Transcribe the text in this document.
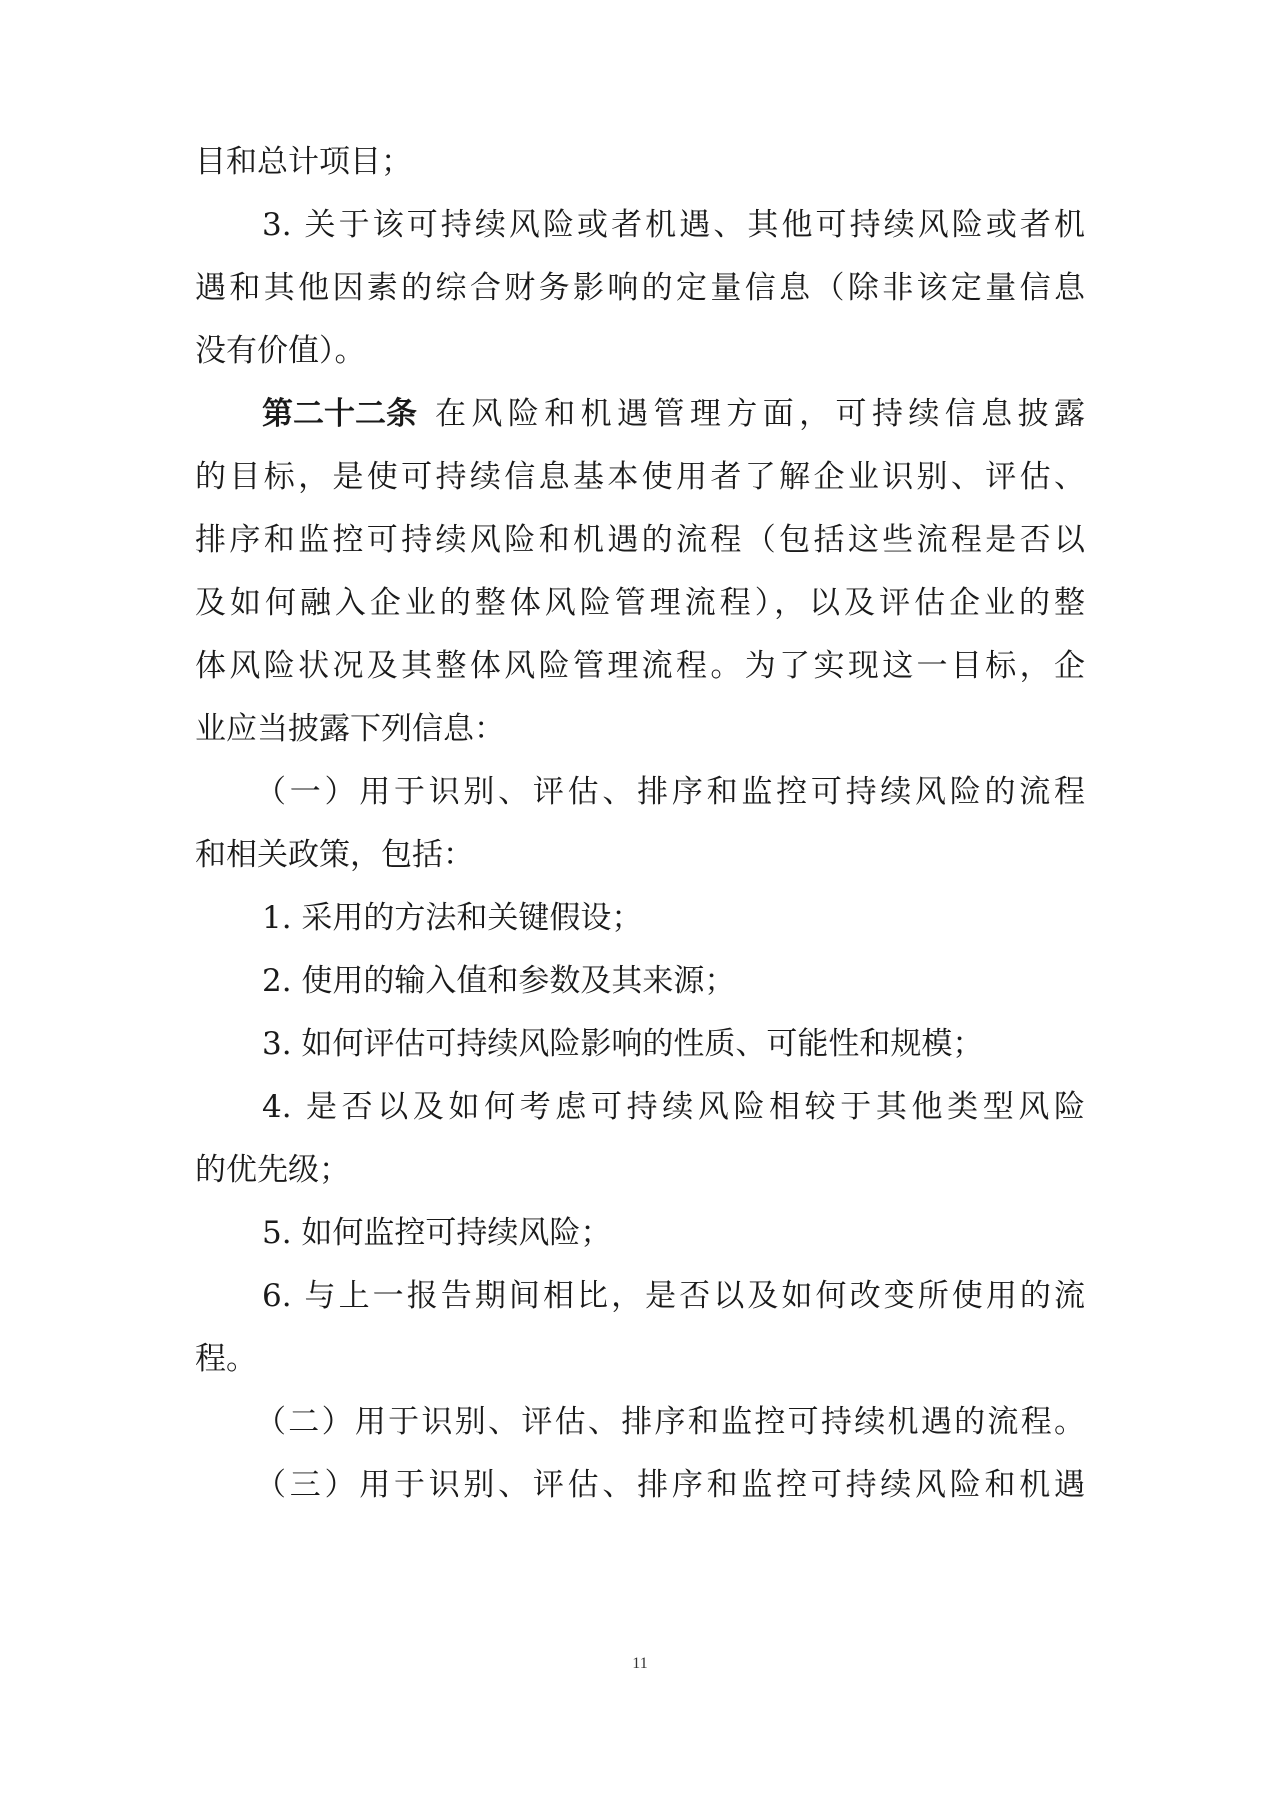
目和总计项目；
3. 关于该可持续风险或者机遇、其他可持续风险或者机
遇和其他因素的综合财务影响的定量信息（除非该定量信息
没有价值）。
第二十二条 在风险和机遇管理方面，可持续信息披露
的目标，是使可持续信息基本使用者了解企业识别、评估、
排序和监控可持续风险和机遇的流程（包括这些流程是否以
及如何融入企业的整体风险管理流程），以及评估企业的整
体风险状况及其整体风险管理流程。为了实现这一目标，企
业应当披露下列信息：
（一）用于识别、评估、排序和监控可持续风险的流程
和相关政策，包括：
1. 采用的方法和关键假设；
2. 使用的输入值和参数及其来源；
3. 如何评估可持续风险影响的性质、可能性和规模；
4. 是否以及如何考虑可持续风险相较于其他类型风险
的优先级；
5. 如何监控可持续风险；
6. 与上一报告期间相比，是否以及如何改变所使用的流
程。
（二）用于识别、评估、排序和监控可持续机遇的流程。
（三）用于识别、评估、排序和监控可持续风险和机遇
11
